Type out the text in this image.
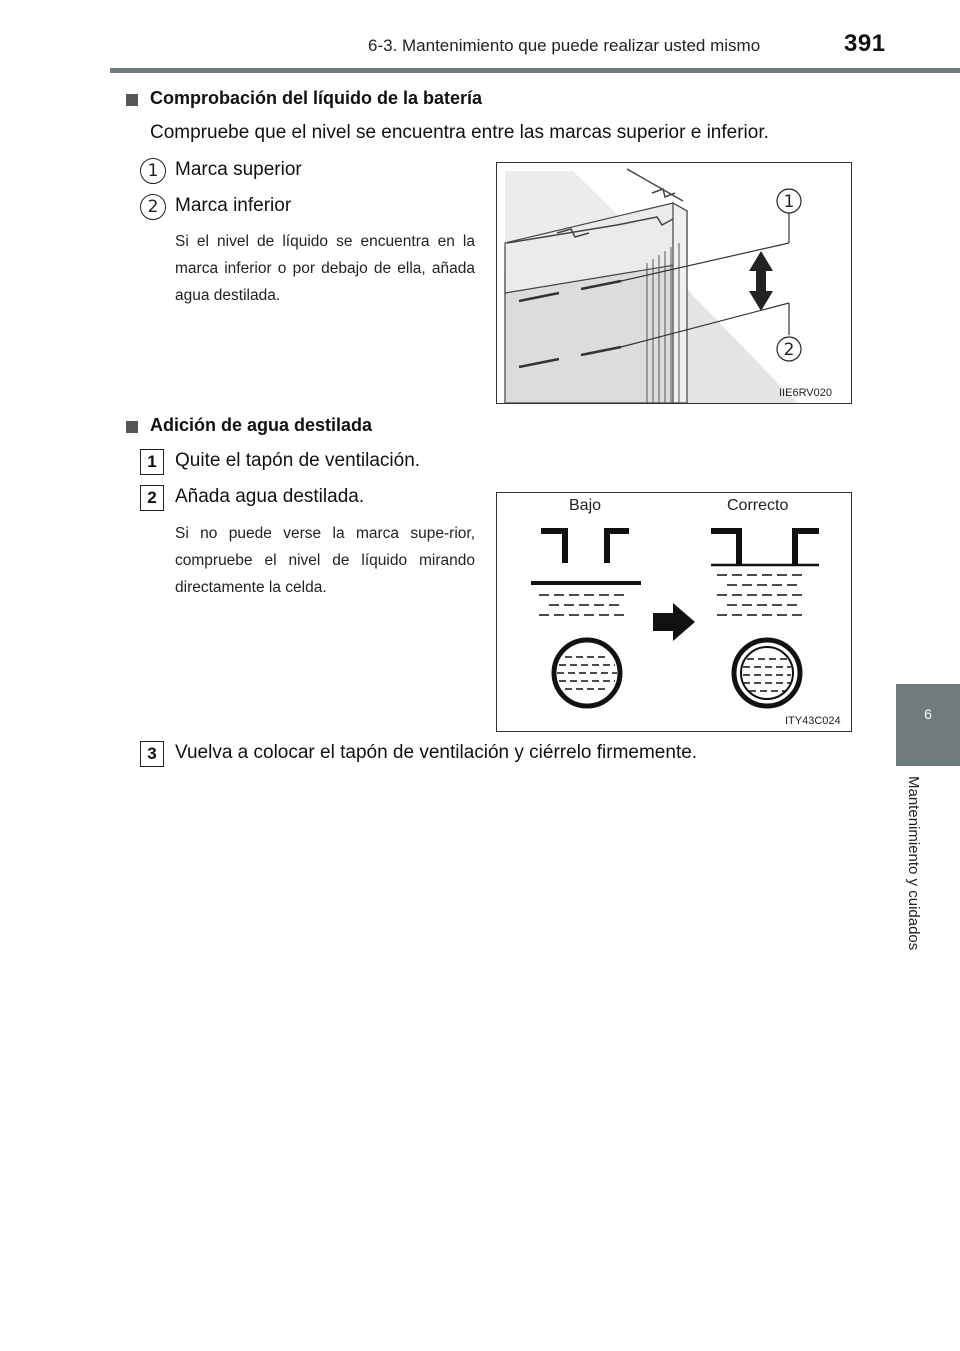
6-3. Mantenimiento que puede realizar usted mismo	391
6
Mantenimiento y cuidados
Comprobación del líquido de la batería
Compruebe que el nivel se encuentra entre las marcas superior e inferior.
1 Marca superior
2 Marca inferior
Si el nivel de líquido se encuentra en la marca inferior o por debajo de ella, añada agua destilada.
1
2
IIE6RV020
Adición de agua destilada
1 Quite el tapón de ventilación.
2 Añada agua destilada.
Si no puede verse la marca supe-rior, compruebe el nivel de líquido mirando directamente la celda.
Bajo	Correcto
ITY43C024
3 Vuelva a colocar el tapón de ventilación y ciérrelo firmemente.
